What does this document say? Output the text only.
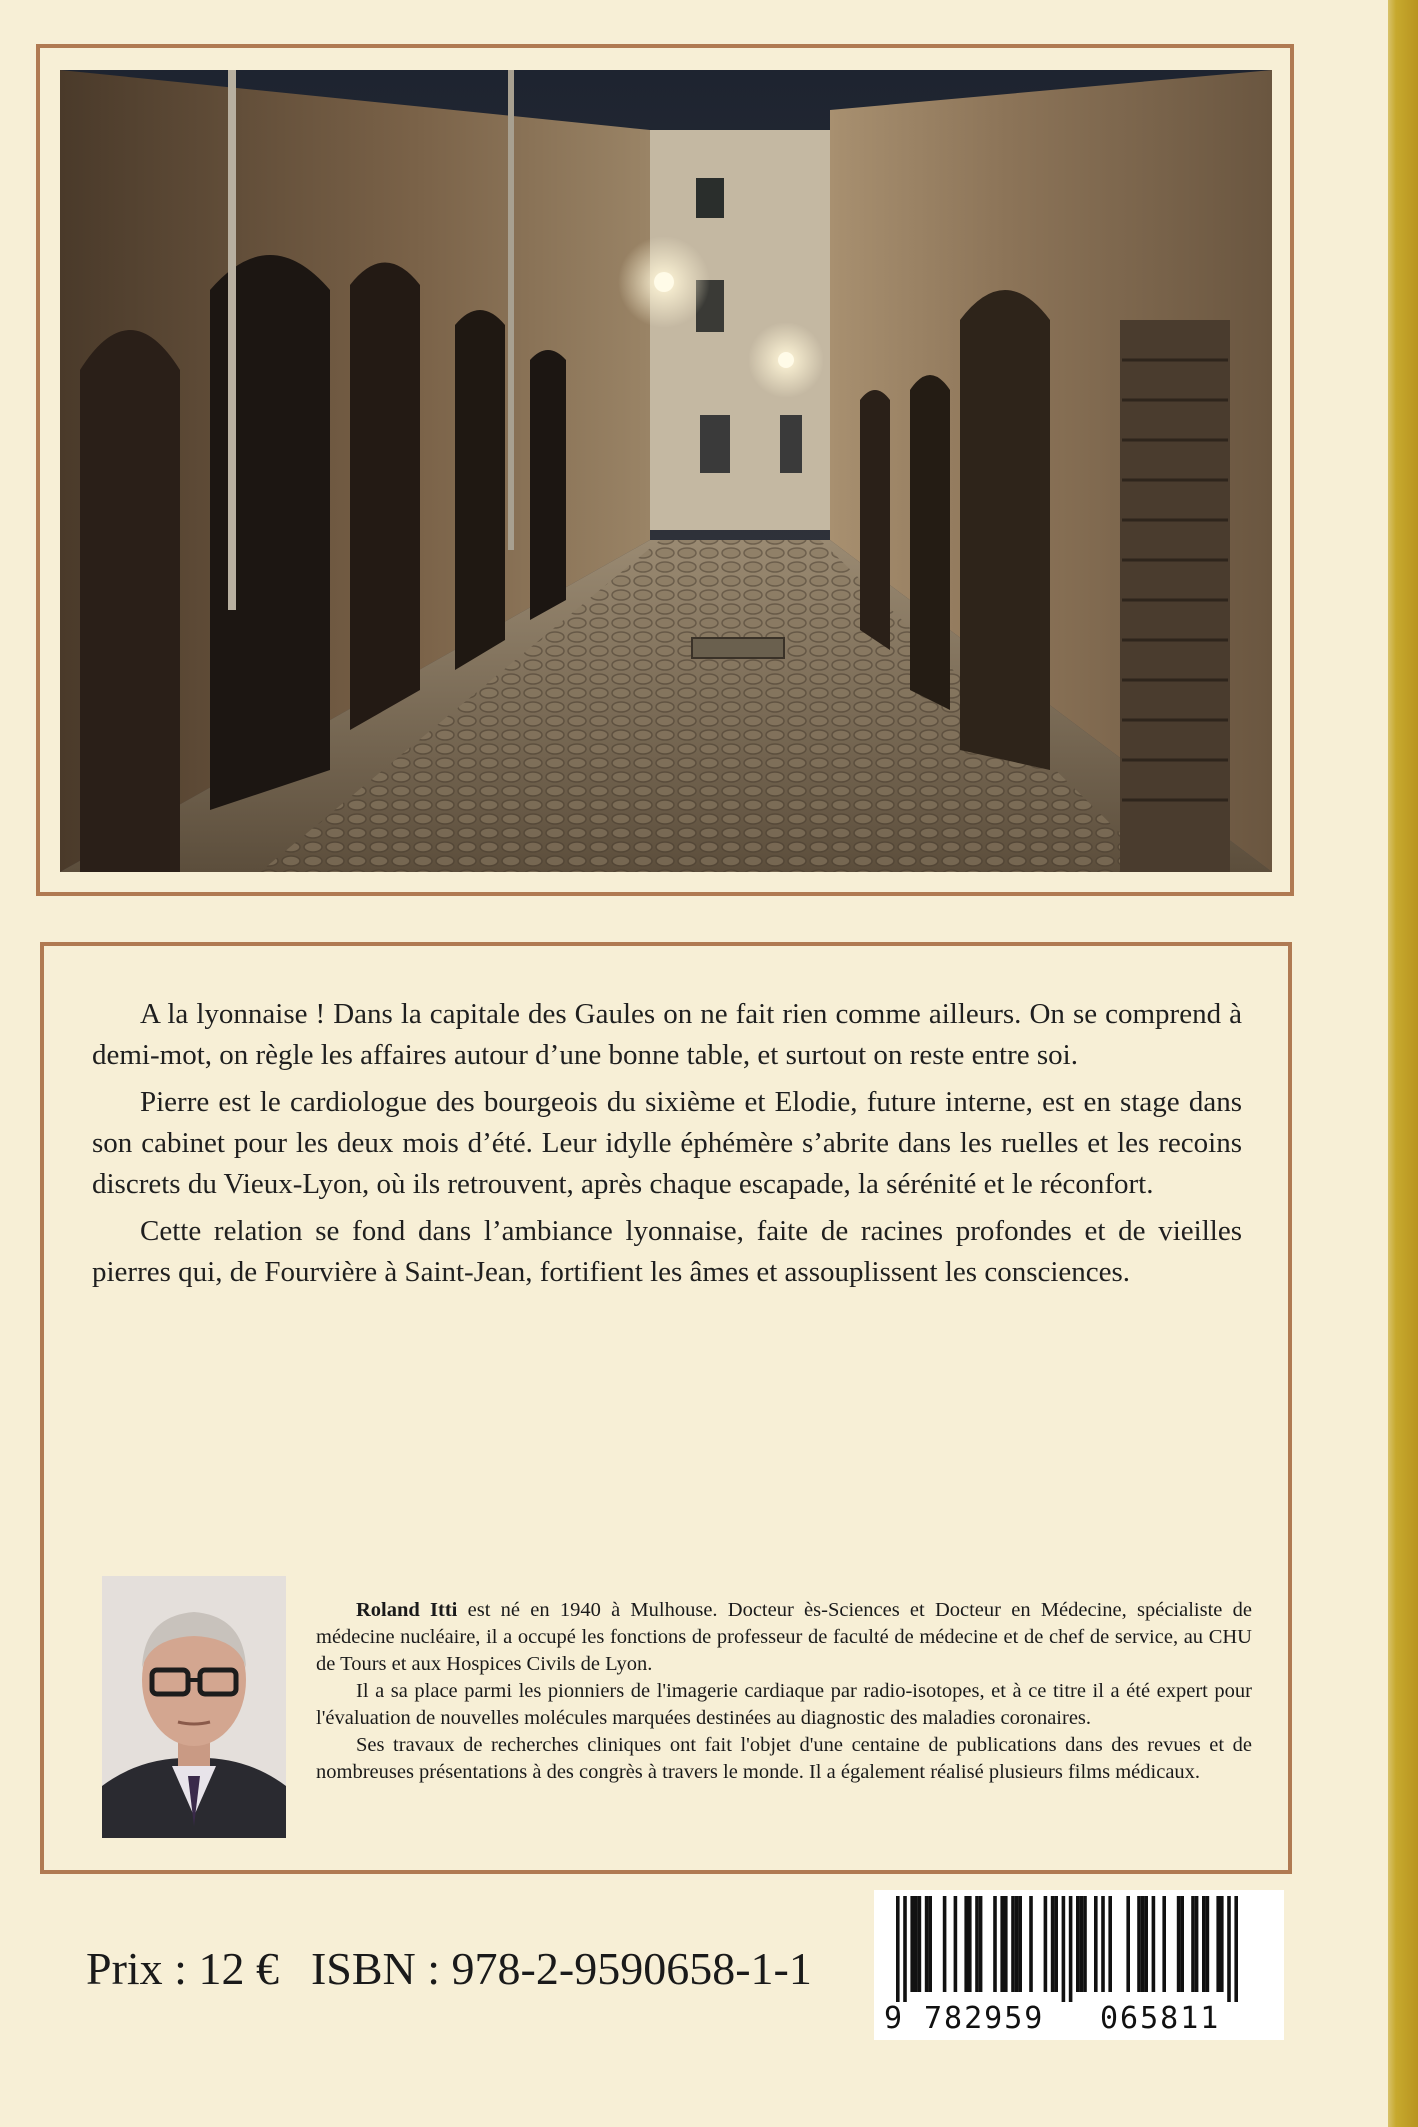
A la lyonnaise ! Dans la capitale des Gaules on ne fait rien comme ailleurs. On se comprend à demi-mot, on règle les affaires autour d’une bonne table, et surtout on reste entre soi.

Pierre est le cardiologue des bourgeois du sixième et Elodie, future interne, est en stage dans son cabinet pour les deux mois d’été. Leur idylle éphémère s’abrite dans les ruelles et les recoins discrets du Vieux-Lyon, où ils retrouvent, après chaque escapade, la sérénité et le réconfort.

Cette relation se fond dans l’ambiance lyonnaise, faite de racines profondes et de vieilles pierres qui, de Fourvière à Saint-Jean, fortifient les âmes et assouplissent les consciences.

Roland Itti est né en 1940 à Mulhouse. Docteur ès-Sciences et Docteur en Médecine, spécialiste de médecine nucléaire, il a occupé les fonctions de professeur de faculté de médecine et de chef de service, au CHU de Tours et aux Hospices Civils de Lyon.

Il a sa place parmi les pionniers de l'imagerie cardiaque par radio-isotopes, et à ce titre il a été expert pour l'évaluation de nouvelles molécules marquées destinées au diagnostic des maladies coronaires.

Ses travaux de recherches cliniques ont fait l'objet d'une centaine de publications dans des revues et de nombreuses présentations à des congrès à travers le monde. Il a également réalisé plusieurs films médicaux.

Prix : 12 € ISBN : 978-2-9590658-1-1
9 782959 065811
